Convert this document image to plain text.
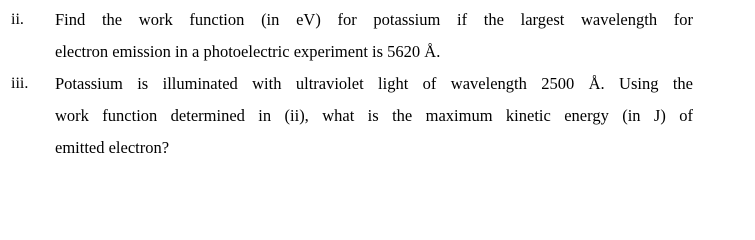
ii. Find the work function (in eV) for potassium if the largest wavelength for
electron emission in a photoelectric experiment is 5620 Å.
iii. Potassium is illuminated with ultraviolet light of wavelength 2500 Å. Using the
work function determined in (ii), what is the maximum kinetic energy (in J) of
emitted electron?
